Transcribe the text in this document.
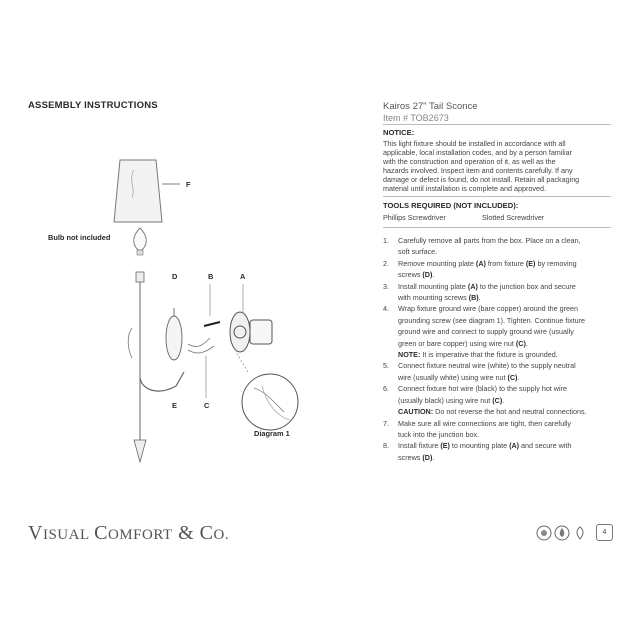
ASSEMBLY INSTRUCTIONS	Kairos 27" Tail Sconce
Item # TOB2673
NOTICE:
This light fixture should be installed in accordance with all
applicable, local installation codes, and by a person familiar
with the construction and operation of it, as well as the
hazards involved. Inspect item and contents carefully. If any
damage or defect is found, do not install. Retain all packaging
material until installation is complete and approved.
TOOLS REQUIRED (NOT INCLUDED):
Phillips Screwdriver	Slotted Screwdriver
1. Carefully remove all parts from the box. Place on a clean,
soft surface.
2. Remove mounting plate (A) from fixture (E) by removing
screws (D).
3. Install mounting plate (A) to the junction box and secure
with mounting screws (B).
4. Wrap fixture ground wire (bare copper) around the green
grounding screw (see diagram 1). Tighten. Continue fixture
ground wire and connect to supply ground wire (usually
green or bare copper) using wire nut (C).
NOTE: It is imperative that the fixture is grounded.
5. Connect fixture neutral wire (white) to the supply neutral
wire (usually white) using wire nut (C).
6. Connect fixture hot wire (black) to the supply hot wire
(usually black) using wire nut (C).
CAUTION: Do not reverse the hot and neutral connections.
7. Make sure all wire connections are tight, then carefully
tuck into the junction box.
8. Install fixture (E) to mounting plate (A) and secure with
screws (D).
F
Bulb not included
D	B	A
E	C
Diagram 1
VISUAL COMFORT & CO.	4
